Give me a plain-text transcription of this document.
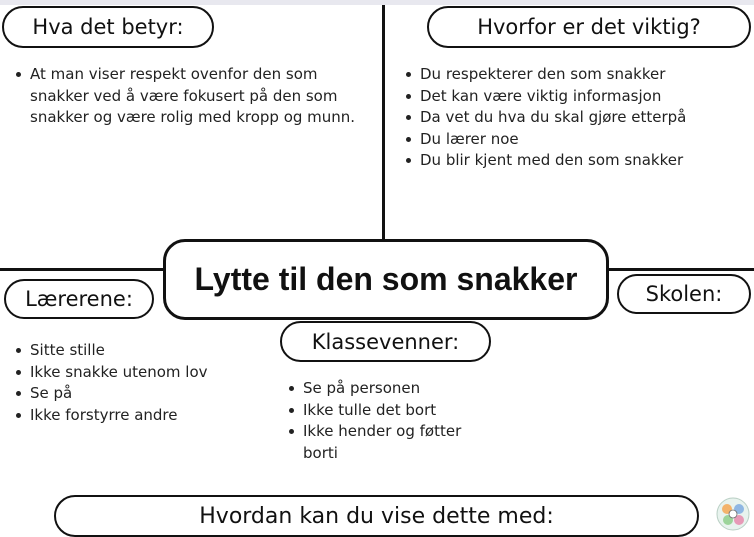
Hva det betyr:
At man viser respekt ovenfor den som snakker ved å være fokusert på den som snakker og være rolig med kropp og munn.
Hvorfor er det viktig?
Du respekterer den som snakker
Det kan være viktig informasjon
Da vet du hva du skal gjøre etterpå
Du lærer noe
Du blir kjent med den som snakker
Lytte til den som snakker
Lærerene:
Sitte stille
Ikke snakke utenom lov
Se på
Ikke forstyrre andre
Klassevenner:
Se på personen
Ikke tulle det bort
Ikke hender og føtter borti
Skolen:
Hvordan kan du vise dette med:
